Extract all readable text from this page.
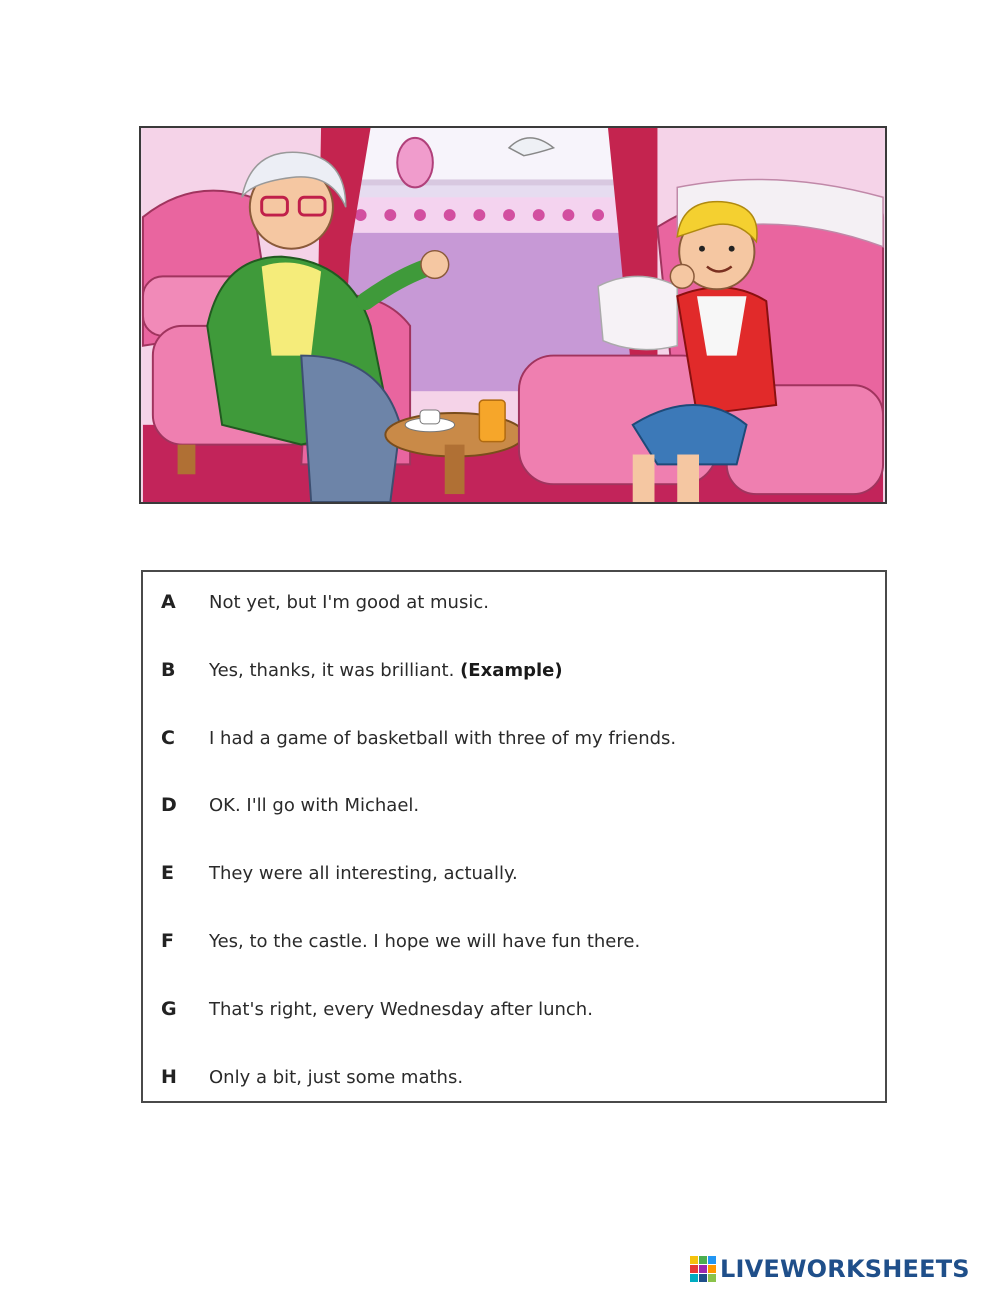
A	Not yet, but I'm good at music.
B	Yes, thanks, it was brilliant. (Example)
C	I had a game of basketball with three of my friends.
D	OK. I'll go with Michael.
E	They were all interesting, actually.
F	Yes, to the castle. I hope we will have fun there.
G	That's right, every Wednesday after lunch.
H	Only a bit, just some maths.
LIVEWORKSHEETS
